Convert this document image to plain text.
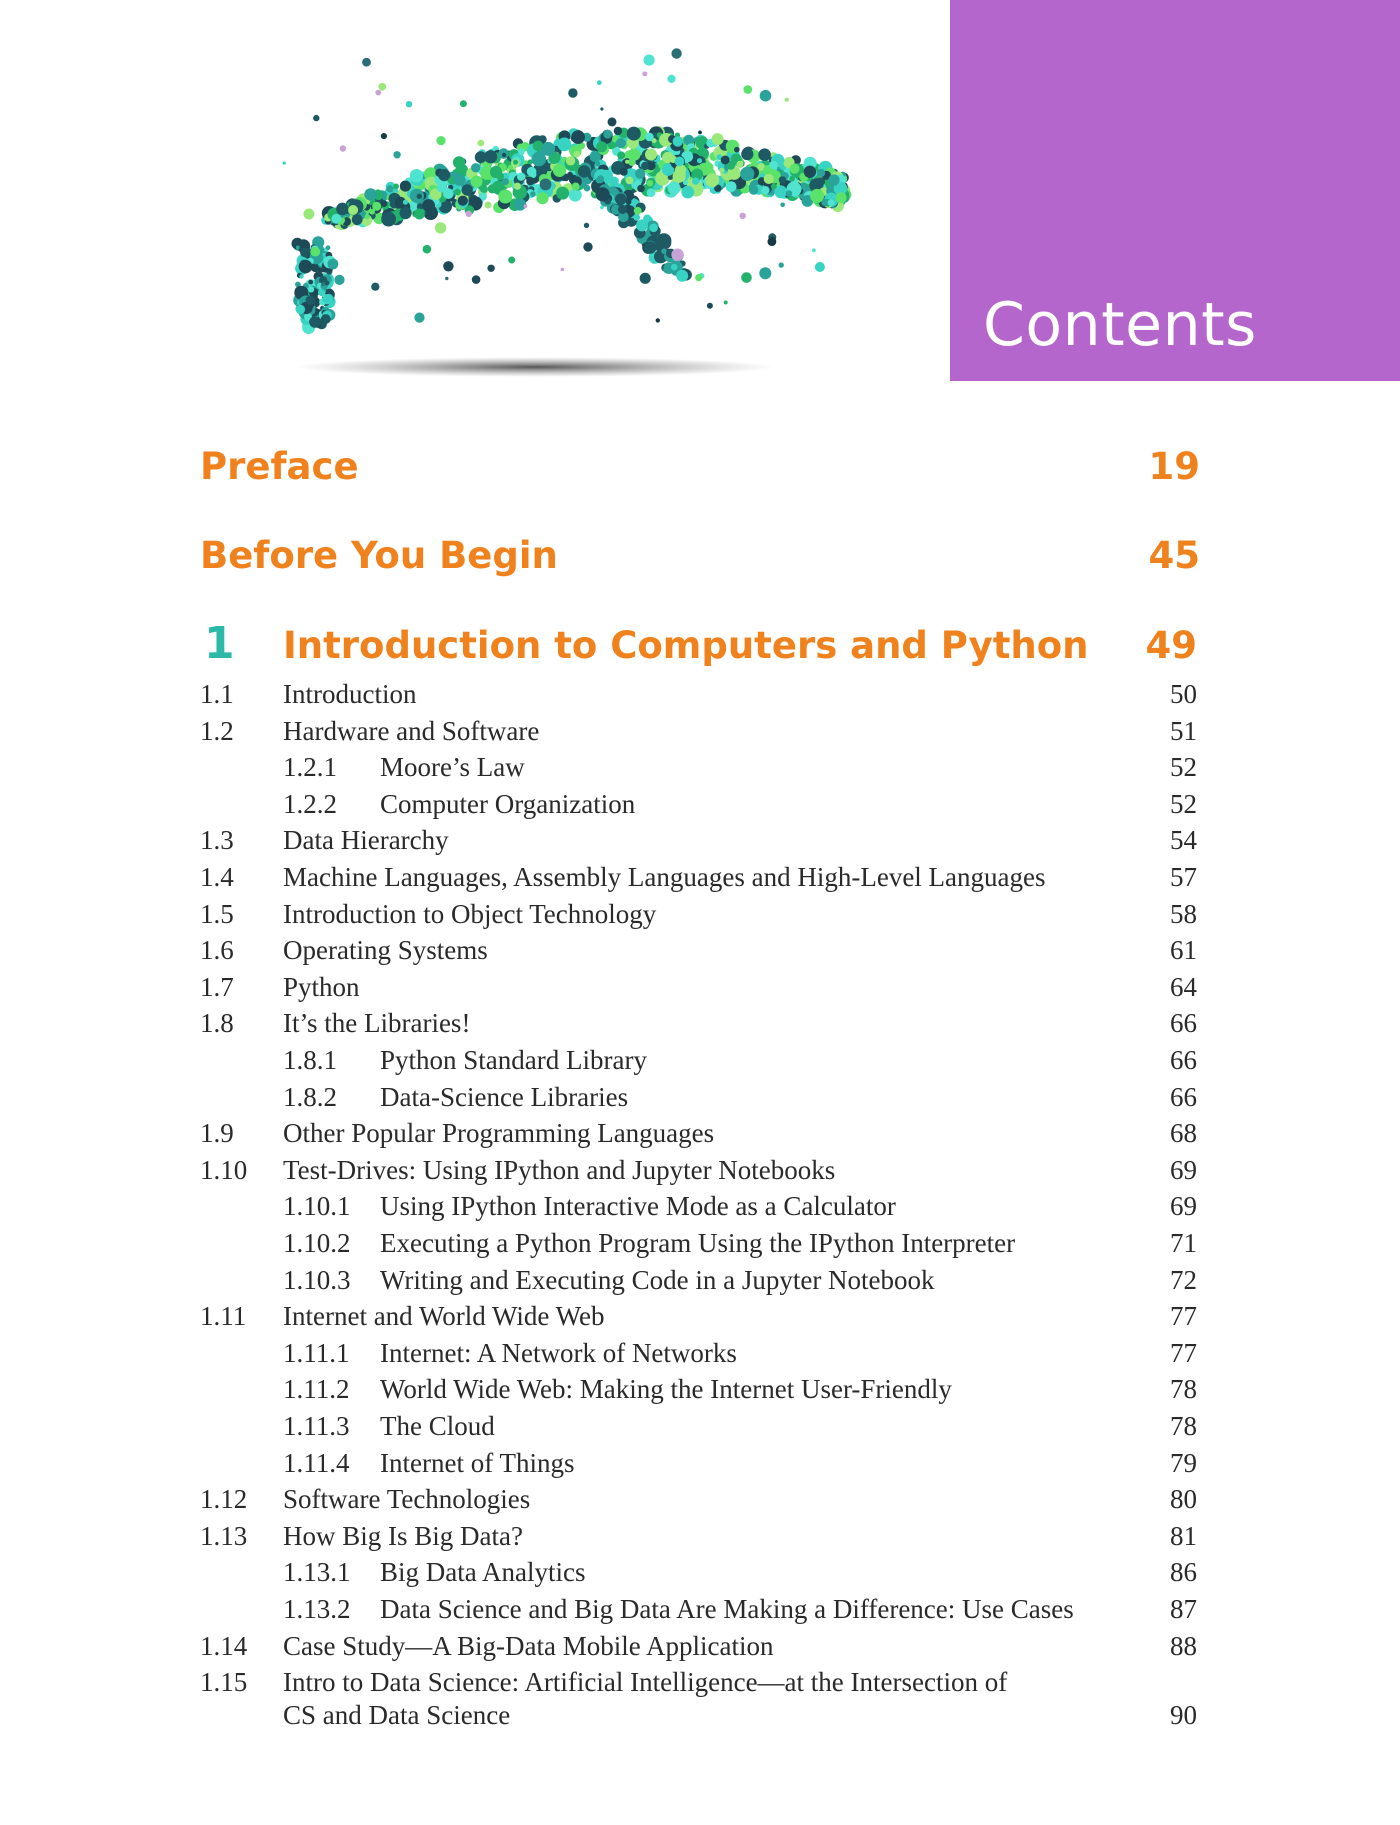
Contents
Preface	19
Before You Begin	45
1 Introduction to Computers and Python 49
1.1 Introduction	50
1.2 Hardware and Software	51
1.2.1 Moore’s Law	52
1.2.2 Computer Organization	52
1.3 Data Hierarchy	54
1.4 Machine Languages, Assembly Languages and High-Level Languages	57
1.5 Introduction to Object Technology	58
1.6 Operating Systems	61
1.7 Python	64
1.8 It’s the Libraries!	66
1.8.1 Python Standard Library	66
1.8.2 Data-Science Libraries	66
1.9 Other Popular Programming Languages	68
1.10 Test-Drives: Using IPython and Jupyter Notebooks	69
1.10.1 Using IPython Interactive Mode as a Calculator	69
1.10.2 Executing a Python Program Using the IPython Interpreter	71
1.10.3 Writing and Executing Code in a Jupyter Notebook	72
1.11 Internet and World Wide Web	77
1.11.1 Internet: A Network of Networks	77
1.11.2 World Wide Web: Making the Internet User-Friendly	78
1.11.3 The Cloud	78
1.11.4 Internet of Things	79
1.12 Software Technologies	80
1.13 How Big Is Big Data?	81
1.13.1 Big Data Analytics	86
1.13.2 Data Science and Big Data Are Making a Difference: Use Cases	87
1.14 Case Study—A Big-Data Mobile Application	88
1.15 Intro to Data Science: Artificial Intelligence—at the Intersection of
CS and Data Science	90
